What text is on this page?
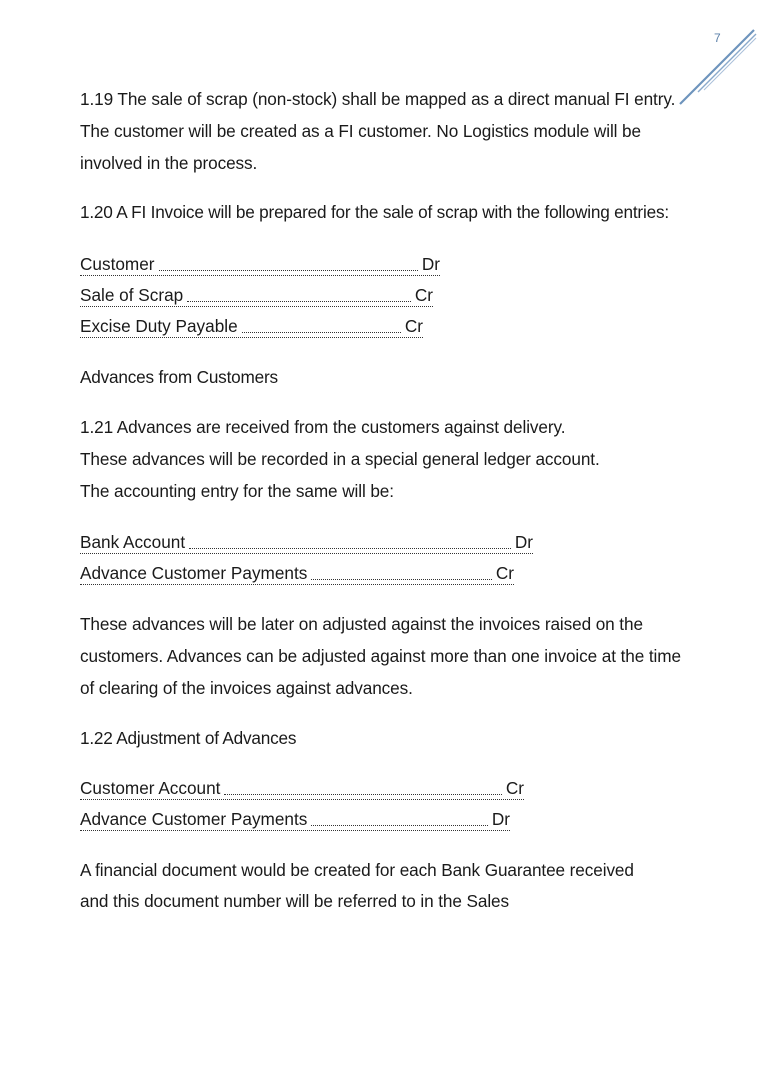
7

1.19 The sale of scrap (non-stock) shall be mapped as a direct manual FI entry. The customer will be created as a FI customer. No Logistics module will be involved in the process.

1.20 A FI Invoice will be prepared for the sale of scrap with the following entries:
Customer	Dr
Sale of Scrap	Cr
Excise Duty Payable	Cr
Advances from Customers

1.21 Advances are received from the customers against delivery.

These advances will be recorded in a special general ledger account.

The accounting entry for the same will be:

Bank Account	Dr
Advance Customer Payments	Cr

These advances will be later on adjusted against the invoices raised on the customers. Advances can be adjusted against more than one invoice at the time of clearing of the invoices against advances.

1.22 Adjustment of Advances
Customer Account	Cr
Advance Customer Payments	Dr

A financial document would be created for each Bank Guarantee received and this document number will be referred to in the Sales
